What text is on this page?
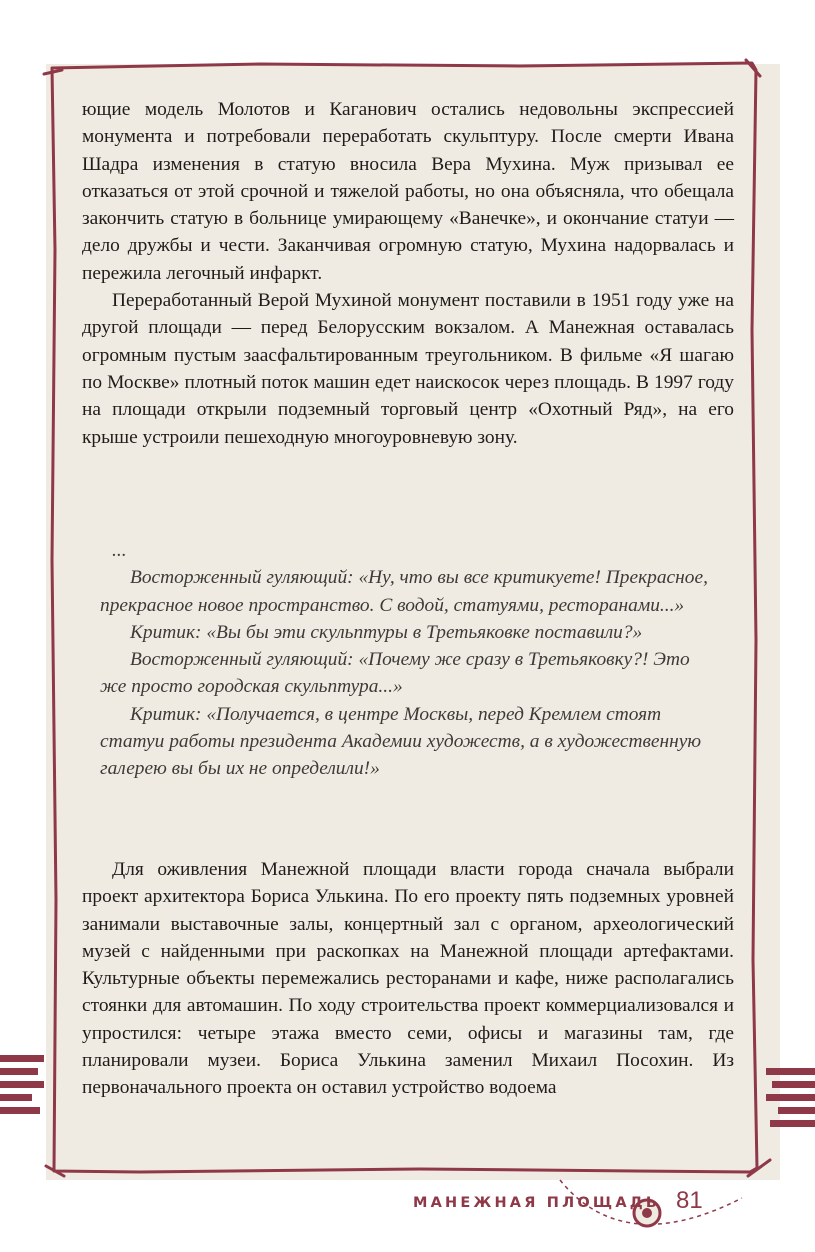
ющие модель Молотов и Каганович остались недовольны экспрессией монумента и потребовали переработать скульптуру. После смерти Ивана Шадра изменения в статую вносила Вера Мухина. Муж призывал ее отказаться от этой срочной и тяжелой работы, но она объясняла, что обещала закончить статую в больнице умирающему «Ванечке», и окончание статуи — дело дружбы и чести. Заканчивая огромную статую, Мухина надорвалась и пережила легочный инфаркт.

Переработанный Верой Мухиной монумент поставили в 1951 году уже на другой площади — перед Белорусским вокзалом. А Манежная оставалась огромным пустым заасфальтированным треугольником. В фильме «Я шагаю по Москве» плотный поток машин едет наискосок через площадь. В 1997 году на площади открыли подземный торговый центр «Охотный Ряд», на его крыше устроили пешеходную многоуровневую зону.

...

Восторженный гуляющий: «Ну, что вы все критикуете! Прекрасное, прекрасное новое пространство. С водой, статуями, ресторанами...»

Критик: «Вы бы эти скульптуры в Третьяковке поставили?»

Восторженный гуляющий: «Почему же сразу в Третьяковку?! Это же просто городская скульптура...»

Критик: «Получается, в центре Москвы, перед Кремлем стоят статуи работы президента Академии художеств, а в художественную галерею вы бы их не определили!»

Для оживления Манежной площади власти города сначала выбрали проект архитектора Бориса Улькина. По его проекту пять подземных уровней занимали выставочные залы, концертный зал с органом, археологический музей с найденными при раскопках на Манежной площади артефактами. Культурные объекты перемежались ресторанами и кафе, ниже располагались стоянки для автомашин. По ходу строительства проект коммерциализовался и упростился: четыре этажа вместо семи, офисы и магазины там, где планировали музеи. Бориса Улькина заменил Михаил Посохин. Из первоначального проекта он оставил устройство водоема

МАНЕЖНАЯ ПЛОЩАДЬ 81
